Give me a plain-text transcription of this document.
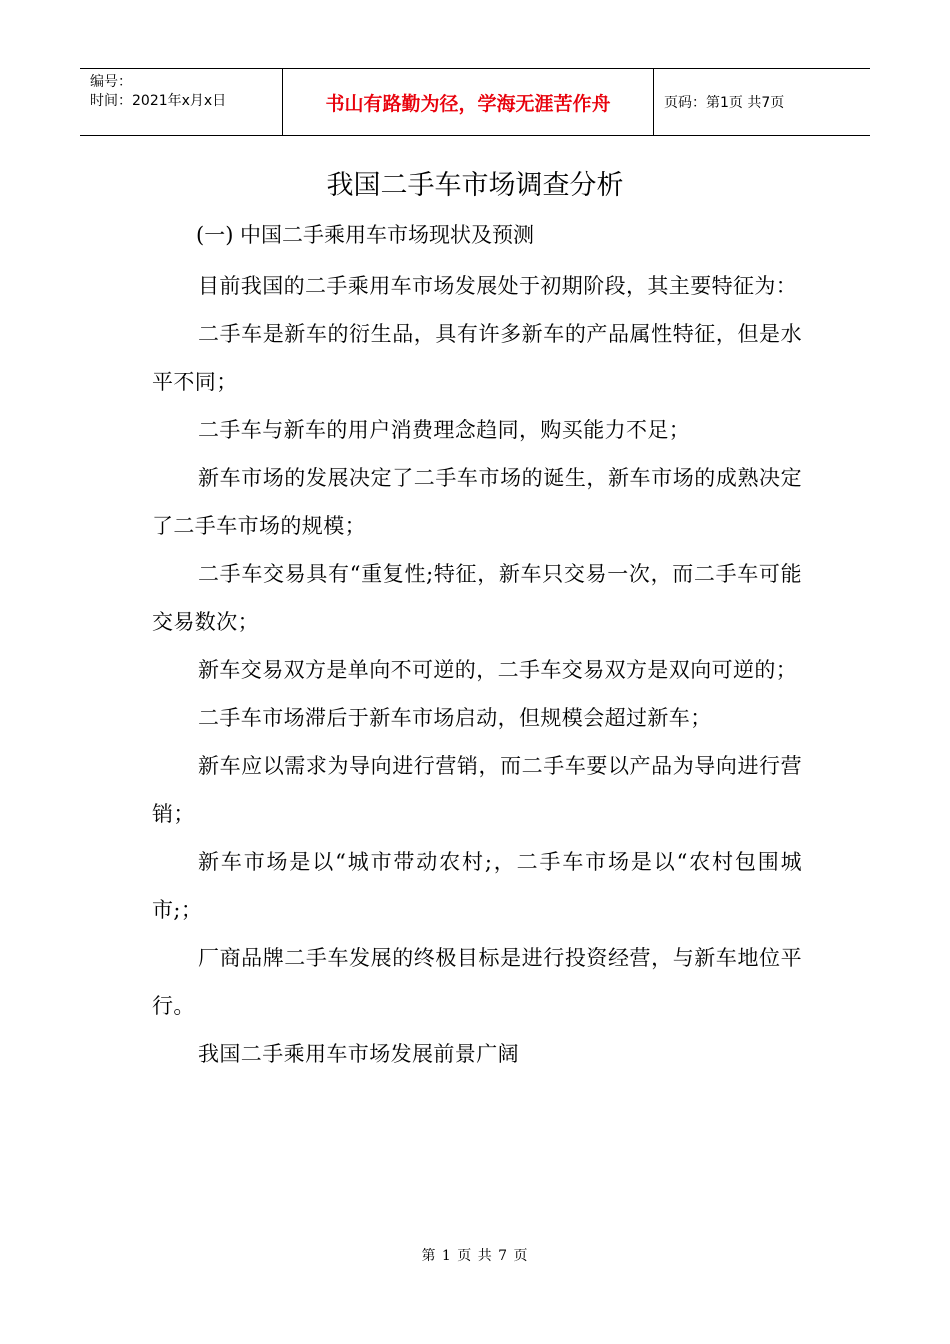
编号：
时间：2021年x月x日	书山有路勤为径，学海无涯苦作舟	页码：第1页 共7页
我国二手车市场调查分析
(一) 中国二手乘用车市场现状及预测

目前我国的二手乘用车市场发展处于初期阶段，其主要特征为：

二手车是新车的衍生品，具有许多新车的产品属性特征，但是水平不同；

二手车与新车的用户消费理念趋同，购买能力不足；

新车市场的发展决定了二手车市场的诞生，新车市场的成熟决定了二手车市场的规模；

二手车交易具有“重复性;特征，新车只交易一次，而二手车可能交易数次；

新车交易双方是单向不可逆的，二手车交易双方是双向可逆的；

二手车市场滞后于新车市场启动，但规模会超过新车；

新车应以需求为导向进行营销，而二手车要以产品为导向进行营销；

新车市场是以“城市带动农村;，二手车市场是以“农村包围城市;；

厂商品牌二手车发展的终极目标是进行投资经营，与新车地位平行。

我国二手乘用车市场发展前景广阔

第 1 页 共 7 页
